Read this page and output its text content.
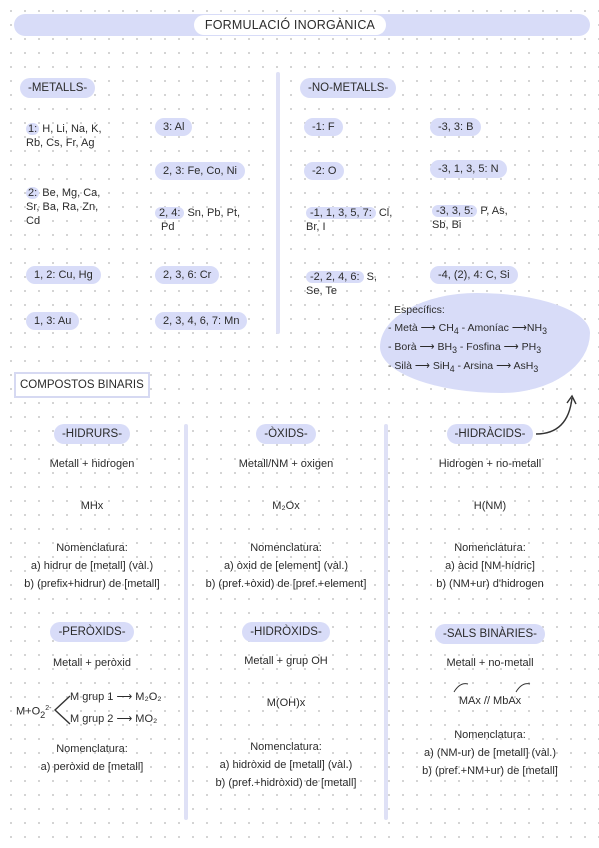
FORMULACIÓ INORGÀNICA
-METALLS-
1: H, Li, Na, K,
Rb, Cs, Fr, Ag
2: Be, Mg, Ca,
Sr, Ba, Ra, Zn,
Cd
1, 2: Cu, Hg
1, 3: Au
3: Al
2, 3: Fe, Co, Ni
2, 4: Sn, Pb, Pt,
Pd
2, 3, 6: Cr
2, 3, 4, 6, 7: Mn
-NO-METALLS-
-1: F
-2: O
-1, 1, 3, 5, 7: Cl,
Br, I
-2, 2, 4, 6: S,
Se, Te
-3, 3: B
-3, 1, 3, 5: N
-3, 3, 5: P, As,
Sb, Bi
-4, (2), 4: C, Si
Específics:
- Metà ⟶ $CH_4$ - Amoníac $⟶NH_3$
- Borà ⟶ $BH_3$ - Fosfina ⟶ $PH_3$
- Silà ⟶ SiH$_4$ - Arsina ⟶ AsH$_3$
COMPOSTOS BINARIS
-HIDRURS-
Metall + hidrogen
MHx
Nomenclatura:
a) hidrur de [metall] (vàl.)
b) (prefix+hidrur) de [metall]
-ÒXIDS-
Metall/NM + oxigen
M₂Ox
Nomenclatura:
a) òxid de [element] (vàl.)
b) (pref.+òxid) de [pref.+element]
-HIDRÀCIDS-
Hidrogen + no-metall
H(NM)
Nomenclatura:
a) àcid [NM-hídric]
b) (NM+ur) d'hidrogen
-PERÒXIDS-
Metall + peròxid
$M+O_2^{2-}$
M grup 1 ⟶ M₂O₂
M grup 2 ⟶ MO₂
Nomenclatura:
a) peròxid de [metall]
-HIDRÒXIDS-
Metall + grup OH
M(OH)x
Nomenclatura:
a) hidròxid de [metall] (vàl.)
b) (pref.+hidròxid) de [metall]
-SALS BINÀRIES-
Metall + no-metall
MAx // MbAx
Nomenclatura:
a) (NM-ur) de [metall] (vàl.)
b) (pref.+NM+ur) de [metall]
